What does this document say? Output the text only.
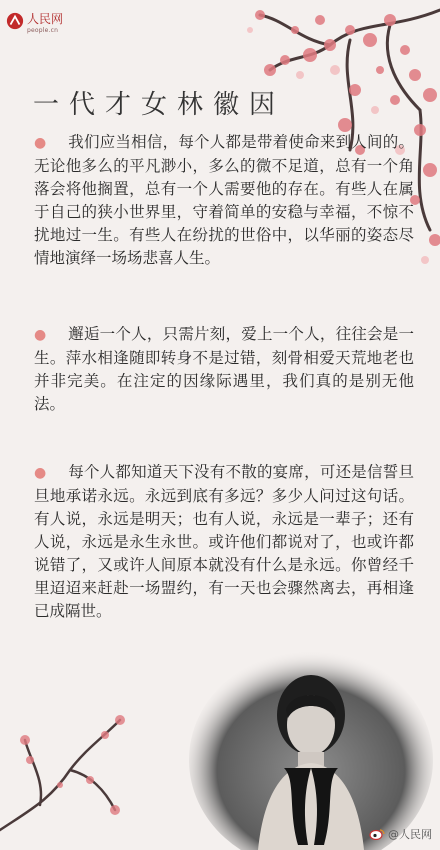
人民网
people.cn
一代才女林徽因
● 我们应当相信，每个人都是带着使命来到人间的。无论他多么的平凡渺小，多么的微不足道，总有一个角落会将他搁置，总有一个人需要他的存在。有些人在属于自己的狭小世界里，守着简单的安稳与幸福，不惊不扰地过一生。有些人在纷扰的世俗中，以华丽的姿态尽情地演绎一场场悲喜人生。
● 邂逅一个人，只需片刻，爱上一个人，往往会是一生。萍水相逢随即转身不是过错，刻骨相爱天荒地老也并非完美。在注定的因缘际遇里，我们真的是别无他法。
● 每个人都知道天下没有不散的宴席，可还是信誓旦旦地承诺永远。永远到底有多远？多少人问过这句话。有人说，永远是明天；也有人说，永远是一辈子；还有人说，永远是永生永世。或许他们都说对了，也或许都说错了，又或许人间原本就没有什么是永远。你曾经千里迢迢来赶赴一场盟约，有一天也会骤然离去，再相逢已成隔世。
@人民网
